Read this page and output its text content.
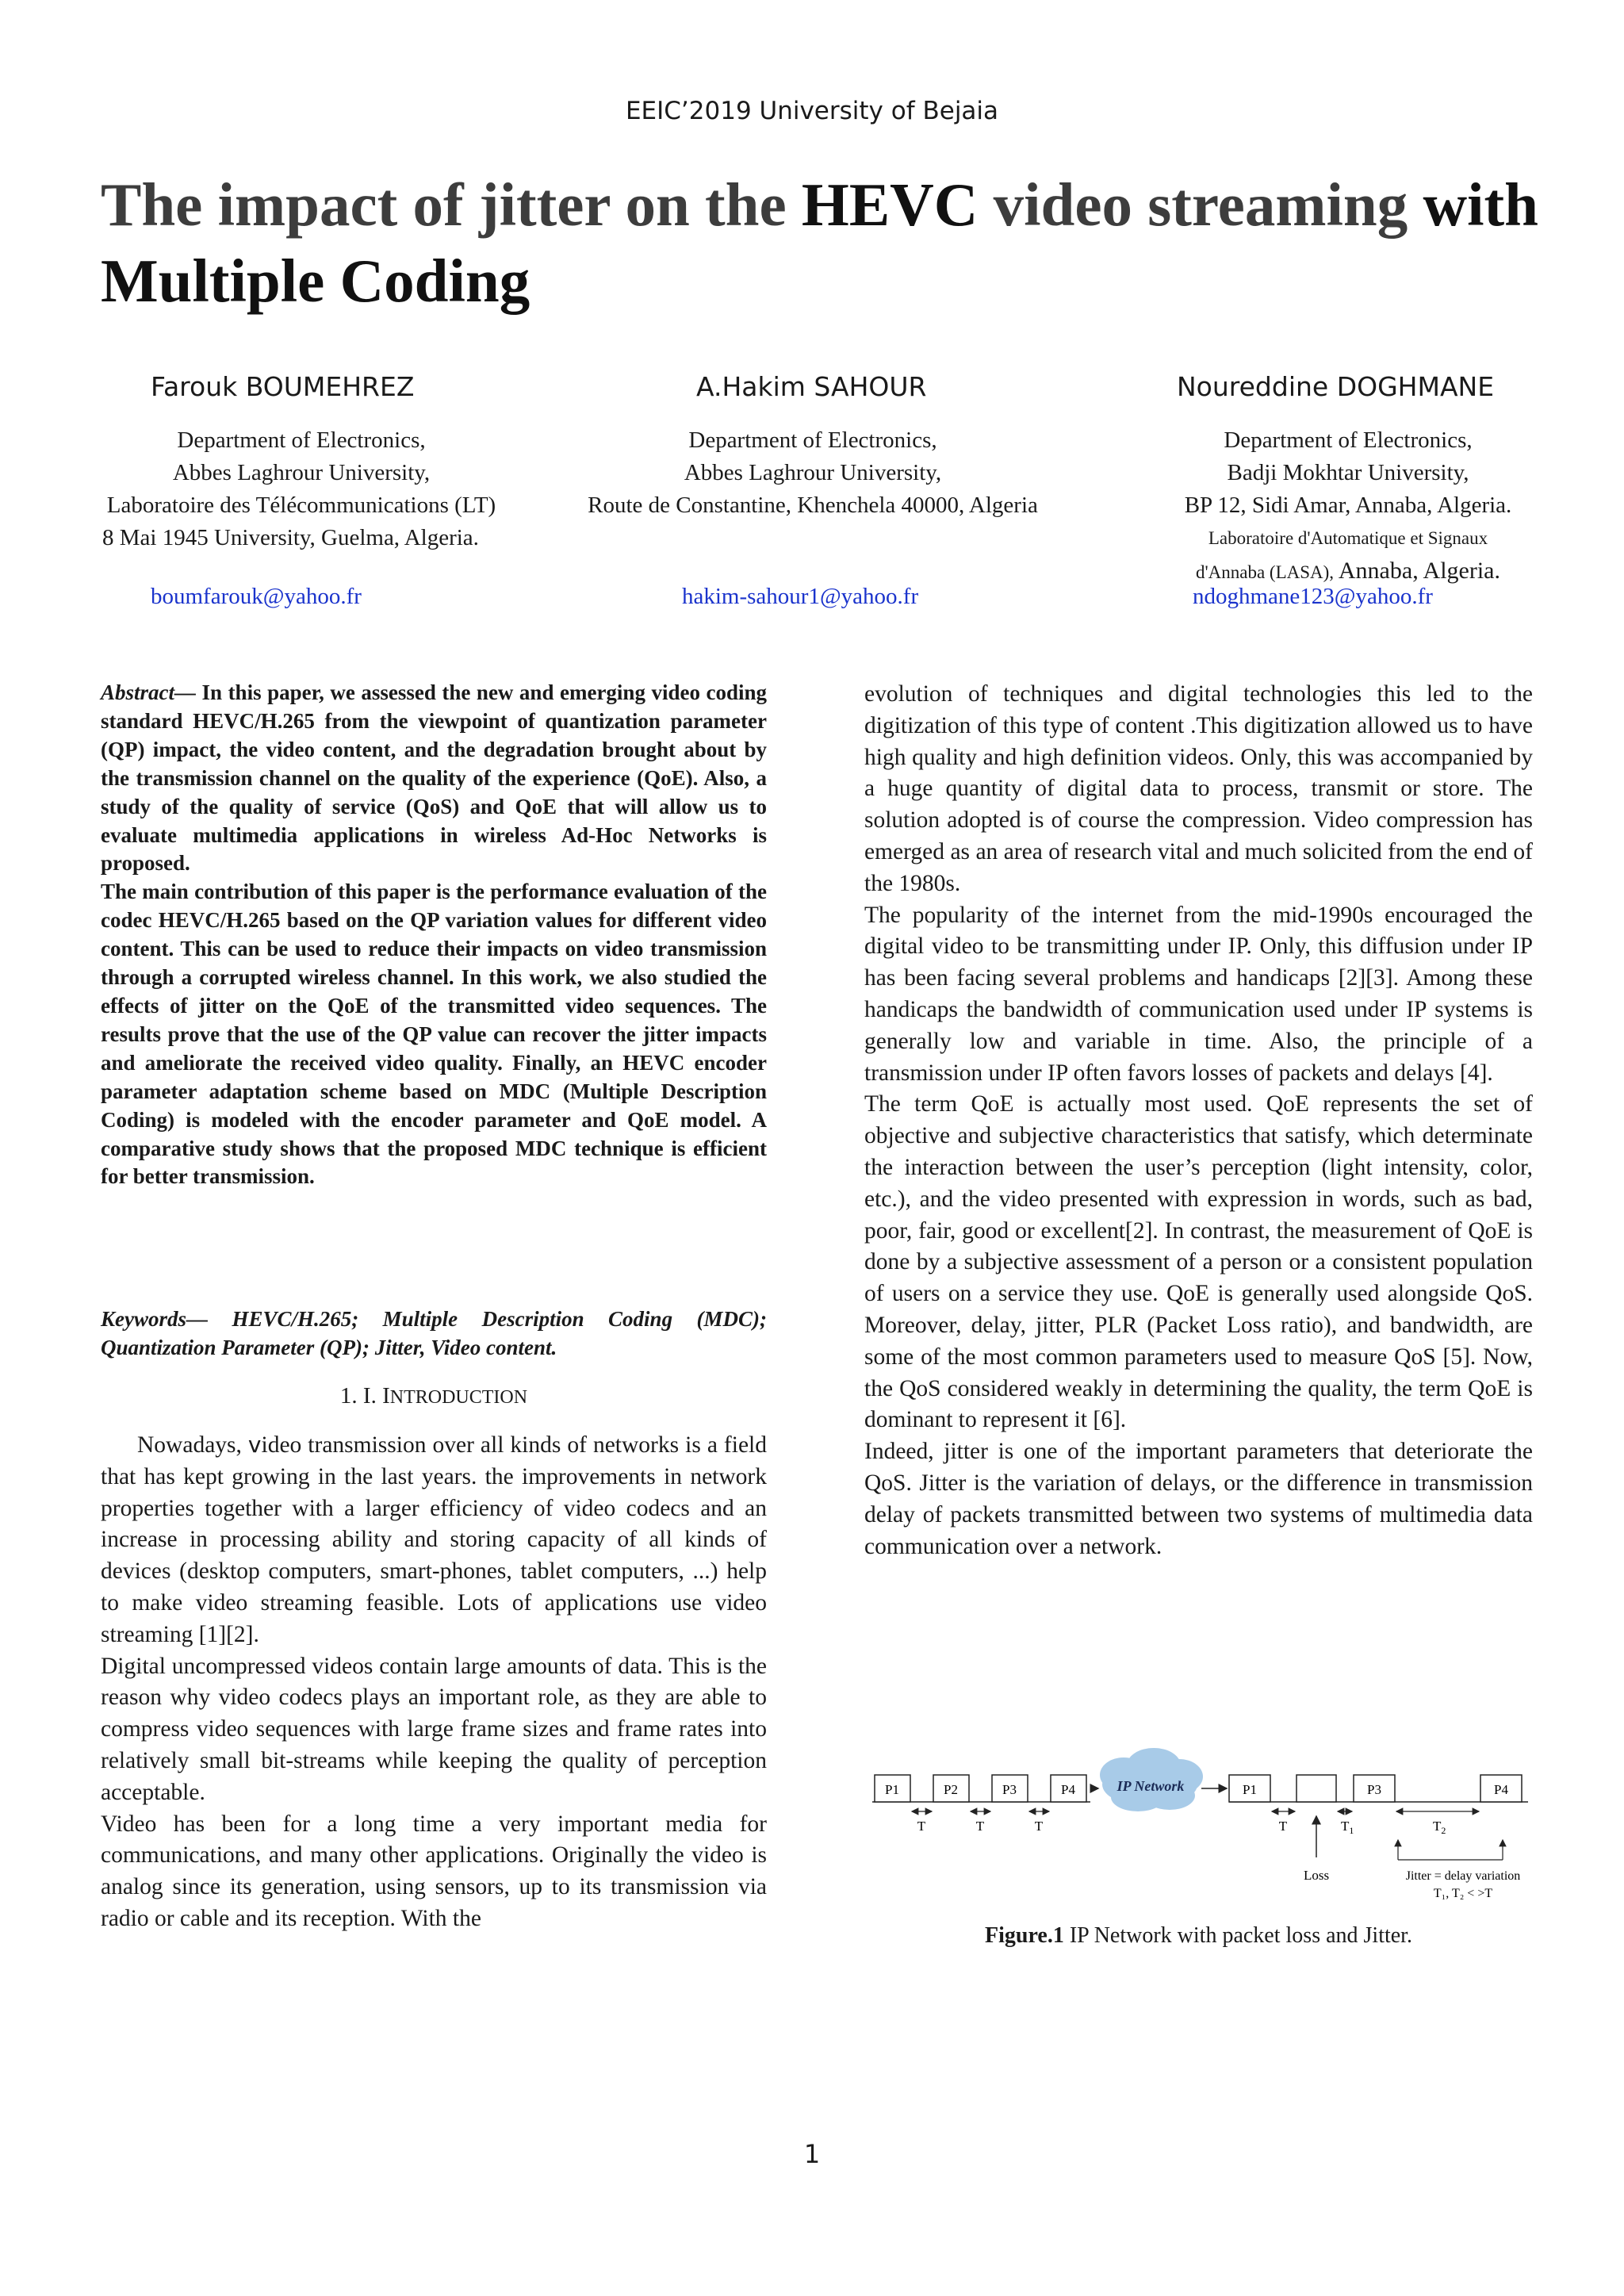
EEIC’2019 University of Bejaia
The impact of jitter on the HEVC video streaming with
Multiple Coding
Farouk BOUMEHREZ	A.Hakim SAHOUR	Noureddine DOGHMANE
Department of Electronics,
Abbes Laghrour University,
Laboratoire des Télécommunications (LT)
8 Mai 1945 University, Guelma, Algeria.
Department of Electronics,
Abbes Laghrour University,
Route de Constantine, Khenchela 40000, Algeria
Department of Electronics,
Badji Mokhtar University,
BP 12, Sidi Amar, Annaba, Algeria.
Laboratoire d'Automatique et Signaux
d'Annaba (LASA), Annaba, Algeria.
boumfarouk@yahoo.fr	hakim-sahour1@yahoo.fr	ndoghmane123@yahoo.fr

Abstract— In this paper, we assessed the new and emerging video coding standard HEVC/H.265 from the viewpoint of quantization parameter (QP) impact, the video content, and the degradation brought about by the transmission channel on the quality of the experience (QoE). Also, a study of the quality of service (QoS) and QoE that will allow us to evaluate multimedia applications in wireless Ad-Hoc Networks is proposed.

The main contribution of this paper is the performance evaluation of the codec HEVC/H.265 based on the QP variation values for different video content. This can be used to reduce their impacts on video transmission through a corrupted wireless channel. In this work, we also studied the effects of jitter on the QoE of the transmitted video sequences. The results prove that the use of the QP value can recover the jitter impacts and ameliorate the received video quality. Finally, an HEVC encoder parameter adaptation scheme based on MDC (Multiple Description Coding) is modeled with the encoder parameter and QoE model. A comparative study shows that the proposed MDC technique is efficient for better transmission.

Keywords— HEVC/H.265; Multiple Description Coding (MDC); Quantization Parameter (QP); Jitter, Video content.
1. I. INTRODUCTION

Nowadays, video transmission over all kinds of networks is a field that has kept growing in the last years. the improvements in network properties together with a larger efficiency of video codecs and an increase in processing ability and storing capacity of all kinds of devices (desktop computers, smart-phones, tablet computers, ...) help to make video streaming feasible. Lots of applications use video streaming [1][2].

Digital uncompressed videos contain large amounts of data. This is the reason why video codecs plays an important role, as they are able to compress video sequences with large frame sizes and frame rates into relatively small bit-streams while keeping the quality of perception acceptable.

Video has been for a long time a very important media for communications, and many other applications. Originally the video is analog since its generation, using sensors, up to its transmission via radio or cable and its reception. With the

evolution of techniques and digital technologies this led to the digitization of this type of content .This digitization allowed us to have high quality and high definition videos. Only, this was accompanied by a huge quantity of digital data to process, transmit or store. The solution adopted is of course the compression. Video compression has emerged as an area of research vital and much solicited from the end of the 1980s.

The popularity of the internet from the mid-1990s encouraged the digital video to be transmitting under IP. Only, this diffusion under IP has been facing several problems and handicaps [2][3]. Among these handicaps the bandwidth of communication used under IP systems is generally low and variable in time. Also, the principle of a transmission under IP often favors losses of packets and delays [4].

The term QoE is actually most used. QoE represents the set of objective and subjective characteristics that satisfy, which determinate the interaction between the user’s perception (light intensity, color, etc.), and the video presented with expression in words, such as bad, poor, fair, good or excellent[2]. In contrast, the measurement of QoE is done by a subjective assessment of a person or a consistent population of users on a service they use. QoE is generally used alongside QoS. Moreover, delay, jitter, PLR (Packet Loss ratio), and bandwidth, are some of the most common parameters used to measure QoS [5]. Now, the QoS considered weakly in determining the quality, the term QoE is dominant to represent it [6].

Indeed, jitter is one of the important parameters that deteriorate the QoS. Jitter is the variation of delays, or the difference in transmission delay of packets transmitted between two systems of multimedia data communication over a network.

P1	P2	P3	P4
T	T	T
IP Network	P1	P3	P4
T	$T_1$	$T_2$
Loss	Jitter = delay variation
T₁, T₂ < >T
Figure.1 IP Network with packet loss and Jitter.
1
